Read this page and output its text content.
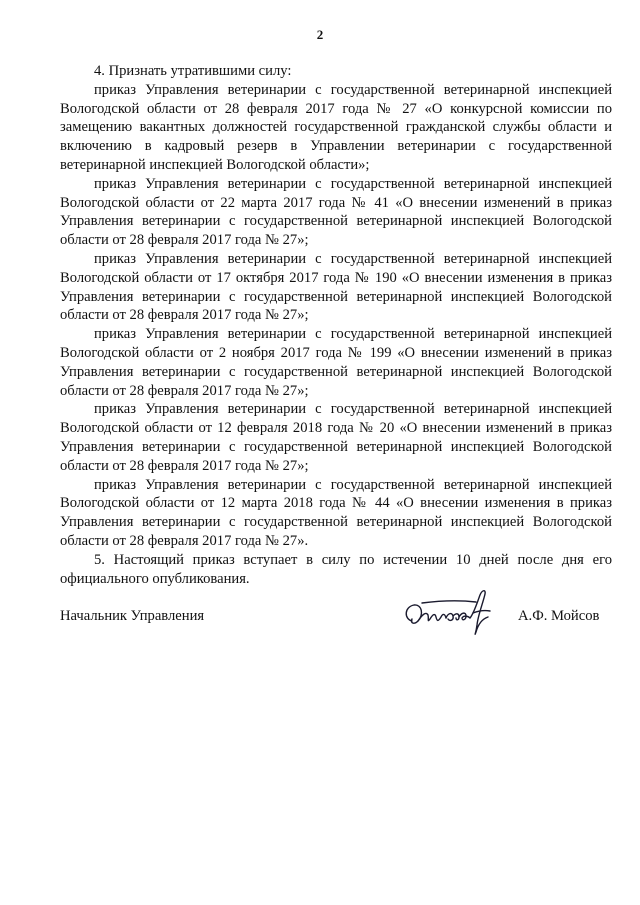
2

4. Признать утратившими силу:

приказ Управления ветеринарии с государственной ветеринарной инспекцией Вологодской области от 28 февраля 2017 года № 27 «О конкурсной комиссии по замещению вакантных должностей государственной гражданской службы области и включению в кадровый резерв в Управлении ветеринарии с государственной ветеринарной инспекцией Вологодской области»;

приказ Управления ветеринарии с государственной ветеринарной инспекцией Вологодской области от 22 марта 2017 года № 41 «О внесении изменений в приказ Управления ветеринарии с государственной ветеринарной инспекцией Вологодской области от 28 февраля 2017 года № 27»;

приказ Управления ветеринарии с государственной ветеринарной инспекцией Вологодской области от 17 октября 2017 года № 190 «О внесении изменения в приказ Управления ветеринарии с государственной ветеринарной инспекцией Вологодской области от 28 февраля 2017 года № 27»;

приказ Управления ветеринарии с государственной ветеринарной инспекцией Вологодской области от 2 ноября 2017 года № 199 «О внесении изменений в приказ Управления ветеринарии с государственной ветеринарной инспекцией Вологодской области от 28 февраля 2017 года № 27»;

приказ Управления ветеринарии с государственной ветеринарной инспекцией Вологодской области от 12 февраля 2018 года № 20 «О внесении изменений в приказ Управления ветеринарии с государственной ветеринарной инспекцией Вологодской области от 28 февраля 2017 года № 27»;

приказ Управления ветеринарии с государственной ветеринарной инспекцией Вологодской области от 12 марта 2018 года № 44 «О внесении изменения в приказ Управления ветеринарии с государственной ветеринарной инспекцией Вологодской области от 28 февраля 2017 года № 27».

5. Настоящий приказ вступает в силу по истечении 10 дней после дня его официального опубликования.

Начальник Управления	А.Ф. Мойсов
